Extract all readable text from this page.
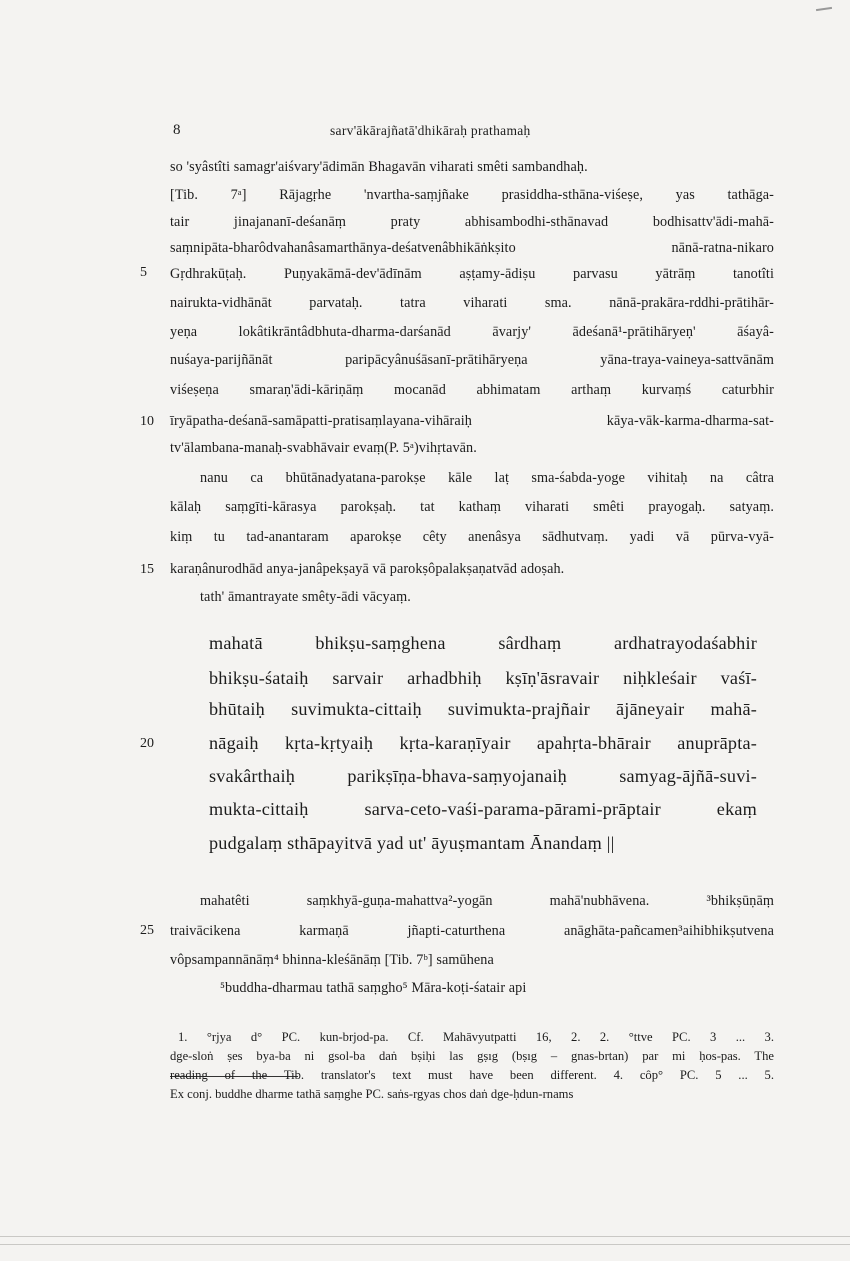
8	sarv'ākārajñatā'dhikāraḥ prathamaḥ
5
10
15
20
25
so 'syâstîti samagr'aiśvary'ādimān Bhagavān viharati smêti sambandhaḥ.
[Tib. 7ᵃ] Rājagṛhe 'nvartha-saṃjñake prasiddha-sthāna-viśeṣe, yas tathāga-
tair jinajananī-deśanāṃ praty abhisambodhi-sthānavad bodhisattv'ādi-mahā-
saṃnipāta-bharôdvahanâsamarthānya-deśatvenâbhikāṅkṣito nānā-ratna-nikaro
Gṛdhrakūṭaḥ. Puṇyakāmā-dev'ādīnām aṣṭamy-ādiṣu parvasu yātrāṃ tanotîti
nairukta-vidhānāt parvataḥ. tatra viharati sma. nānā-prakāra-rddhi-prātihār-
yeṇa lokâtikrāntâdbhuta-dharma-darśanād āvarjy' ādeśanā¹-prātihāryeṇ' āśayâ-
nuśaya-parijñānāt paripācyânuśāsanī-prātihāryeṇa yāna-traya-vaineya-sattvānām
viśeṣeṇa smaraṇ'ādi-kāriṇāṃ mocanād abhimatam arthaṃ kurvaṃś caturbhir
īryāpatha-deśanā-samāpatti-pratisaṃlayana-vihāraiḥ kāya-vāk-karma-dharma-sat-
tv'ālambana-manaḥ-svabhāvair evaṃ(P. 5ᵃ)vihṛtavān.
nanu ca bhūtānadyatana-parokṣe kāle laṭ sma-śabda-yoge vihitaḥ na câtra
kālaḥ saṃgīti-kārasya parokṣaḥ. tat kathaṃ viharati smêti prayogaḥ. satyaṃ.
kiṃ tu tad-anantaram aparokṣe cêty anenâsya sādhutvaṃ. yadi vā pūrva-vyā-
karaṇânurodhād anya-janâpekṣayā vā parokṣôpalakṣaṇatvād adoṣah.
tath' āmantrayate smêty-ādi vācyaṃ.
mahatā bhikṣu-saṃghena sârdhaṃ ardhatrayodaśabhir
bhikṣu-śataiḥ sarvair arhadbhiḥ kṣīṇ'āsravair niḥkleśair vaśī-
bhūtaiḥ suvimukta-cittaiḥ suvimukta-prajñair ājāneyair mahā-
nāgaiḥ kṛta-kṛtyaiḥ kṛta-karaṇīyair apahṛta-bhārair anuprāpta-
svakârthaiḥ parikṣīṇa-bhava-saṃyojanaiḥ samyag-ājñā-suvi-
mukta-cittaiḥ sarva-ceto-vaśi-parama-pārami-prāptair ekaṃ
pudgalaṃ sthāpayitvā yad ut' āyuṣmantam Ānandaṃ ||
mahatêti saṃkhyā-guṇa-mahattva²-yogān mahā'nubhāvena. ³bhikṣūṇāṃ
traivācikena karmaṇā jñapti-caturthena anāghāta-pañcamen³aihibhikṣutvena
vôpsampannānāṃ⁴ bhinna-kleśānāṃ [Tib. 7ᵇ] samūhena
⁵buddha-dharmau tathā saṃgho⁵ Māra-koṭi-śatair api
1. °rjya d° PC. kun-brjod-pa. Cf. Mahāvyutpatti 16, 2. 2. °ttve PC. 3 ... 3.
dge-sloṅ ṣes bya-ba ni gsol-ba daṅ bṣiḥi las gṣıg (bṣıg – gnas-brtan) par mi ḥos-pas. The
reading of the Tib. translator's text must have been different. 4. côp° PC. 5 ... 5.
Ex conj. buddhe dharme tathā saṃghe PC. saṅs-rgyas chos daṅ dge-ḥdun-rnams
